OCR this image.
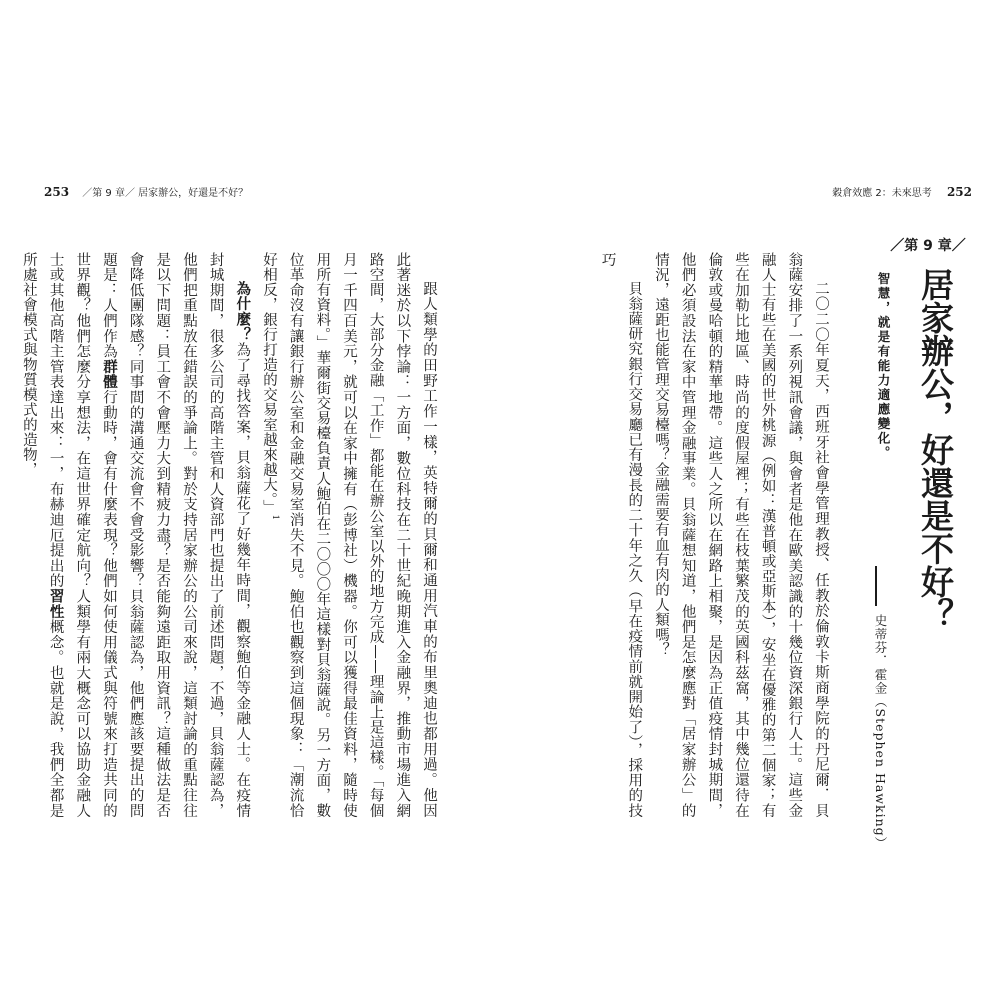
253 ／第 9 章／ 居家辦公，好還是不好？

跟人類學的田野工作一樣，英特爾的貝爾和通用汽車的布里奧迪也都用過。他因此著迷於以下悖論：一方面，數位科技在二十世紀晚期進入金融界，推動市場進入網路空間，大部分金融「工作」都能在辦公室以外的地方完成——理論上是這樣。「每個月一千四百美元，就可以在家中擁有（彭博社）機器。你可以獲得最佳資料，隨時使用所有資料。」華爾街交易檯負責人鮑伯在二〇〇〇年這樣對貝翁薩說。另一方面，數位革命沒有讓銀行辦公室和金融交易室消失不見。鮑伯也觀察到這個現象：「潮流恰好相反，銀行打造的交易室越來越大。」$^1$

為什麼？為了尋找答案，貝翁薩花了好幾年時間，觀察鮑伯等金融人士。在疫情封城期間，很多公司的高階主管和人資部門也提出了前述問題，不過，貝翁薩認為，他們把重點放在錯誤的爭論上。對於支持居家辦公的公司來說，這類討論的重點往往是以下問題：員工會不會壓力大到精疲力盡？是否能夠遠距取用資訊？這種做法是否會降低團隊感？同事間的溝通交流會不會受影響？貝翁薩認為，他們應該要提出的問題是：人們作為群體行動時，會有什麼表現？他們如何使用儀式與符號來打造共同的世界觀？他們怎麼分享想法，在這世界確定航向？人類學有兩大概念可以協助金融人士或其他高階主管表達出來：一，布赫迪厄提出的習性概念。也就是說，我們全都是所處社會模式與物質模式的造物，

穀倉效應 2：未來思考 252
／第 9 章／
居家辦公，好還是不好？
智慧，就是有能力適應變化。
史蒂芬．霍金（Stephen Hawking）

二〇二〇年夏天，西班牙社會學管理教授、任教於倫敦卡斯商學院的丹尼爾．貝翁薩安排了一系列視訊會議，與會者是他在歐美認識的十幾位資深銀行人士。這些金融人士有些在美國的世外桃源（例如：漢普頓或亞斯本），安坐在優雅的第二個家；有些在加勒比地區、時尚的度假屋裡；有些在枝葉繁茂的英國科茲窩，其中幾位還待在倫敦或曼哈頓的精華地帶。這些人之所以在網路上相聚，是因為正值疫情封城期間，他們必須設法在家中管理金融事業。貝翁薩想知道，他們是怎麼應對「居家辦公」的情況，遠距也能管理交易檯嗎？金融需要有血有肉的人類嗎？

貝翁薩研究銀行交易廳已有漫長的二十年之久（早在疫情前就開始了），採用的技巧
